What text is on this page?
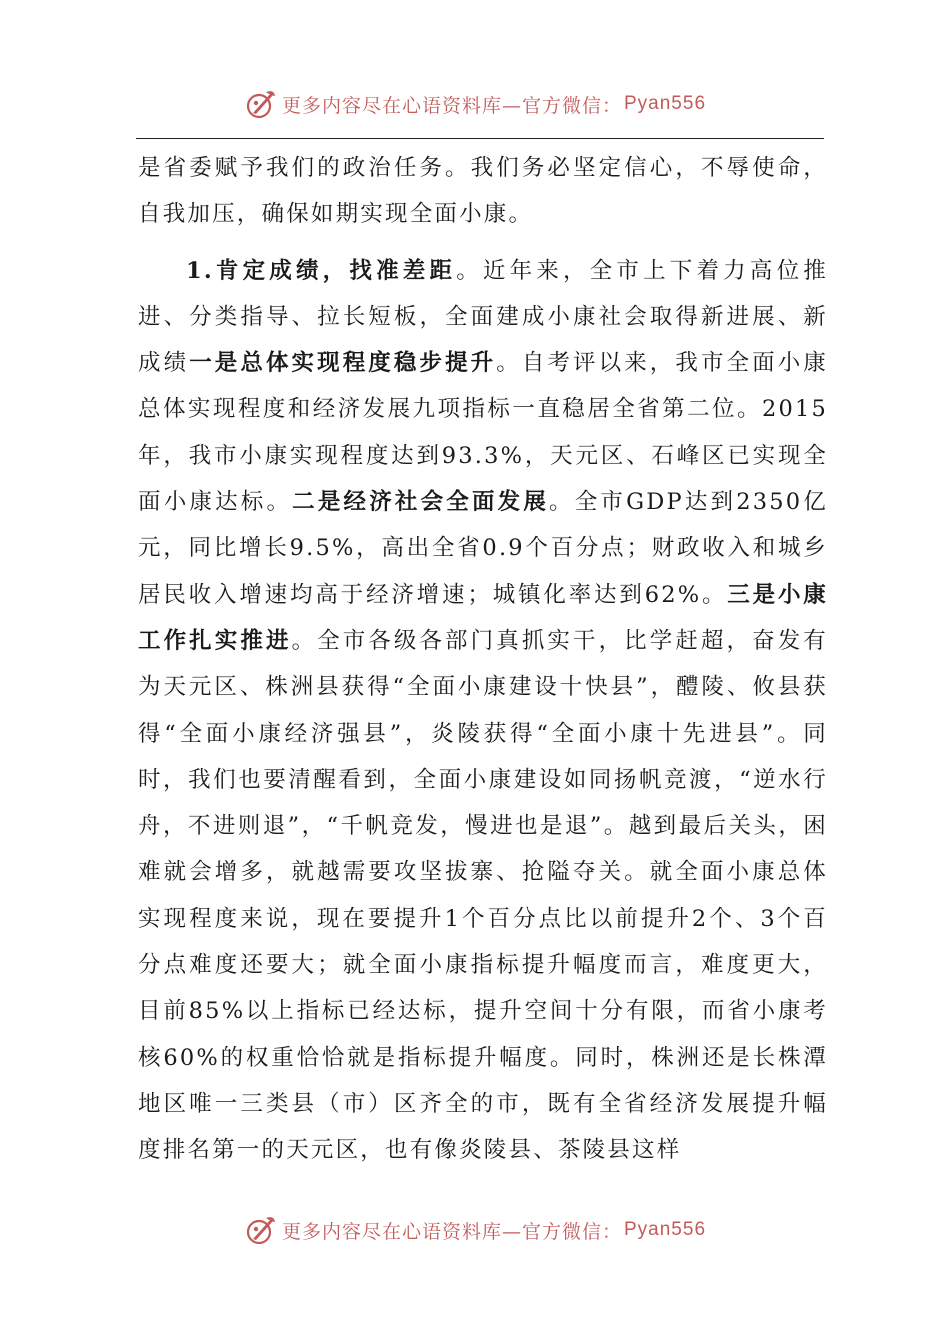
更多内容尽在心语资料库—官方微信： Pyan556

是省委赋予我们的政治任务。我们务必坚定信心，不辱使命，自我加压，确保如期实现全面小康。

1.肯定成绩，找准差距。近年来，全市上下着力高位推进、分类指导、拉长短板，全面建成小康社会取得新进展、新成绩一是总体实现程度稳步提升。自考评以来，我市全面小康总体实现程度和经济发展九项指标一直稳居全省第二位。2015年，我市小康实现程度达到93.3%，天元区、石峰区已实现全面小康达标。二是经济社会全面发展。全市GDP达到2350亿元，同比增长9.5%，高出全省0.9个百分点；财政收入和城乡居民收入增速均高于经济增速；城镇化率达到62%。三是小康工作扎实推进。全市各级各部门真抓实干，比学赶超，奋发有为天元区、株洲县获得“全面小康建设十快县”，醴陵、攸县获得“全面小康经济强县”，炎陵获得“全面小康十先进县”。同时，我们也要清醒看到，全面小康建设如同扬帆竞渡，“逆水行舟，不进则退”，“千帆竞发，慢进也是退”。越到最后关头，困难就会增多，就越需要攻坚拔寨、抢隘夺关。就全面小康总体实现程度来说，现在要提升1个百分点比以前提升2个、3个百分点难度还要大；就全面小康指标提升幅度而言，难度更大，目前85%以上指标已经达标，提升空间十分有限，而省小康考核60%的权重恰恰就是指标提升幅度。同时，株洲还是长株潭地区唯一三类县（市）区齐全的市，既有全省经济发展提升幅度排名第一的天元区，也有像炎陵县、茶陵县这样

更多内容尽在心语资料库—官方微信： Pyan556
